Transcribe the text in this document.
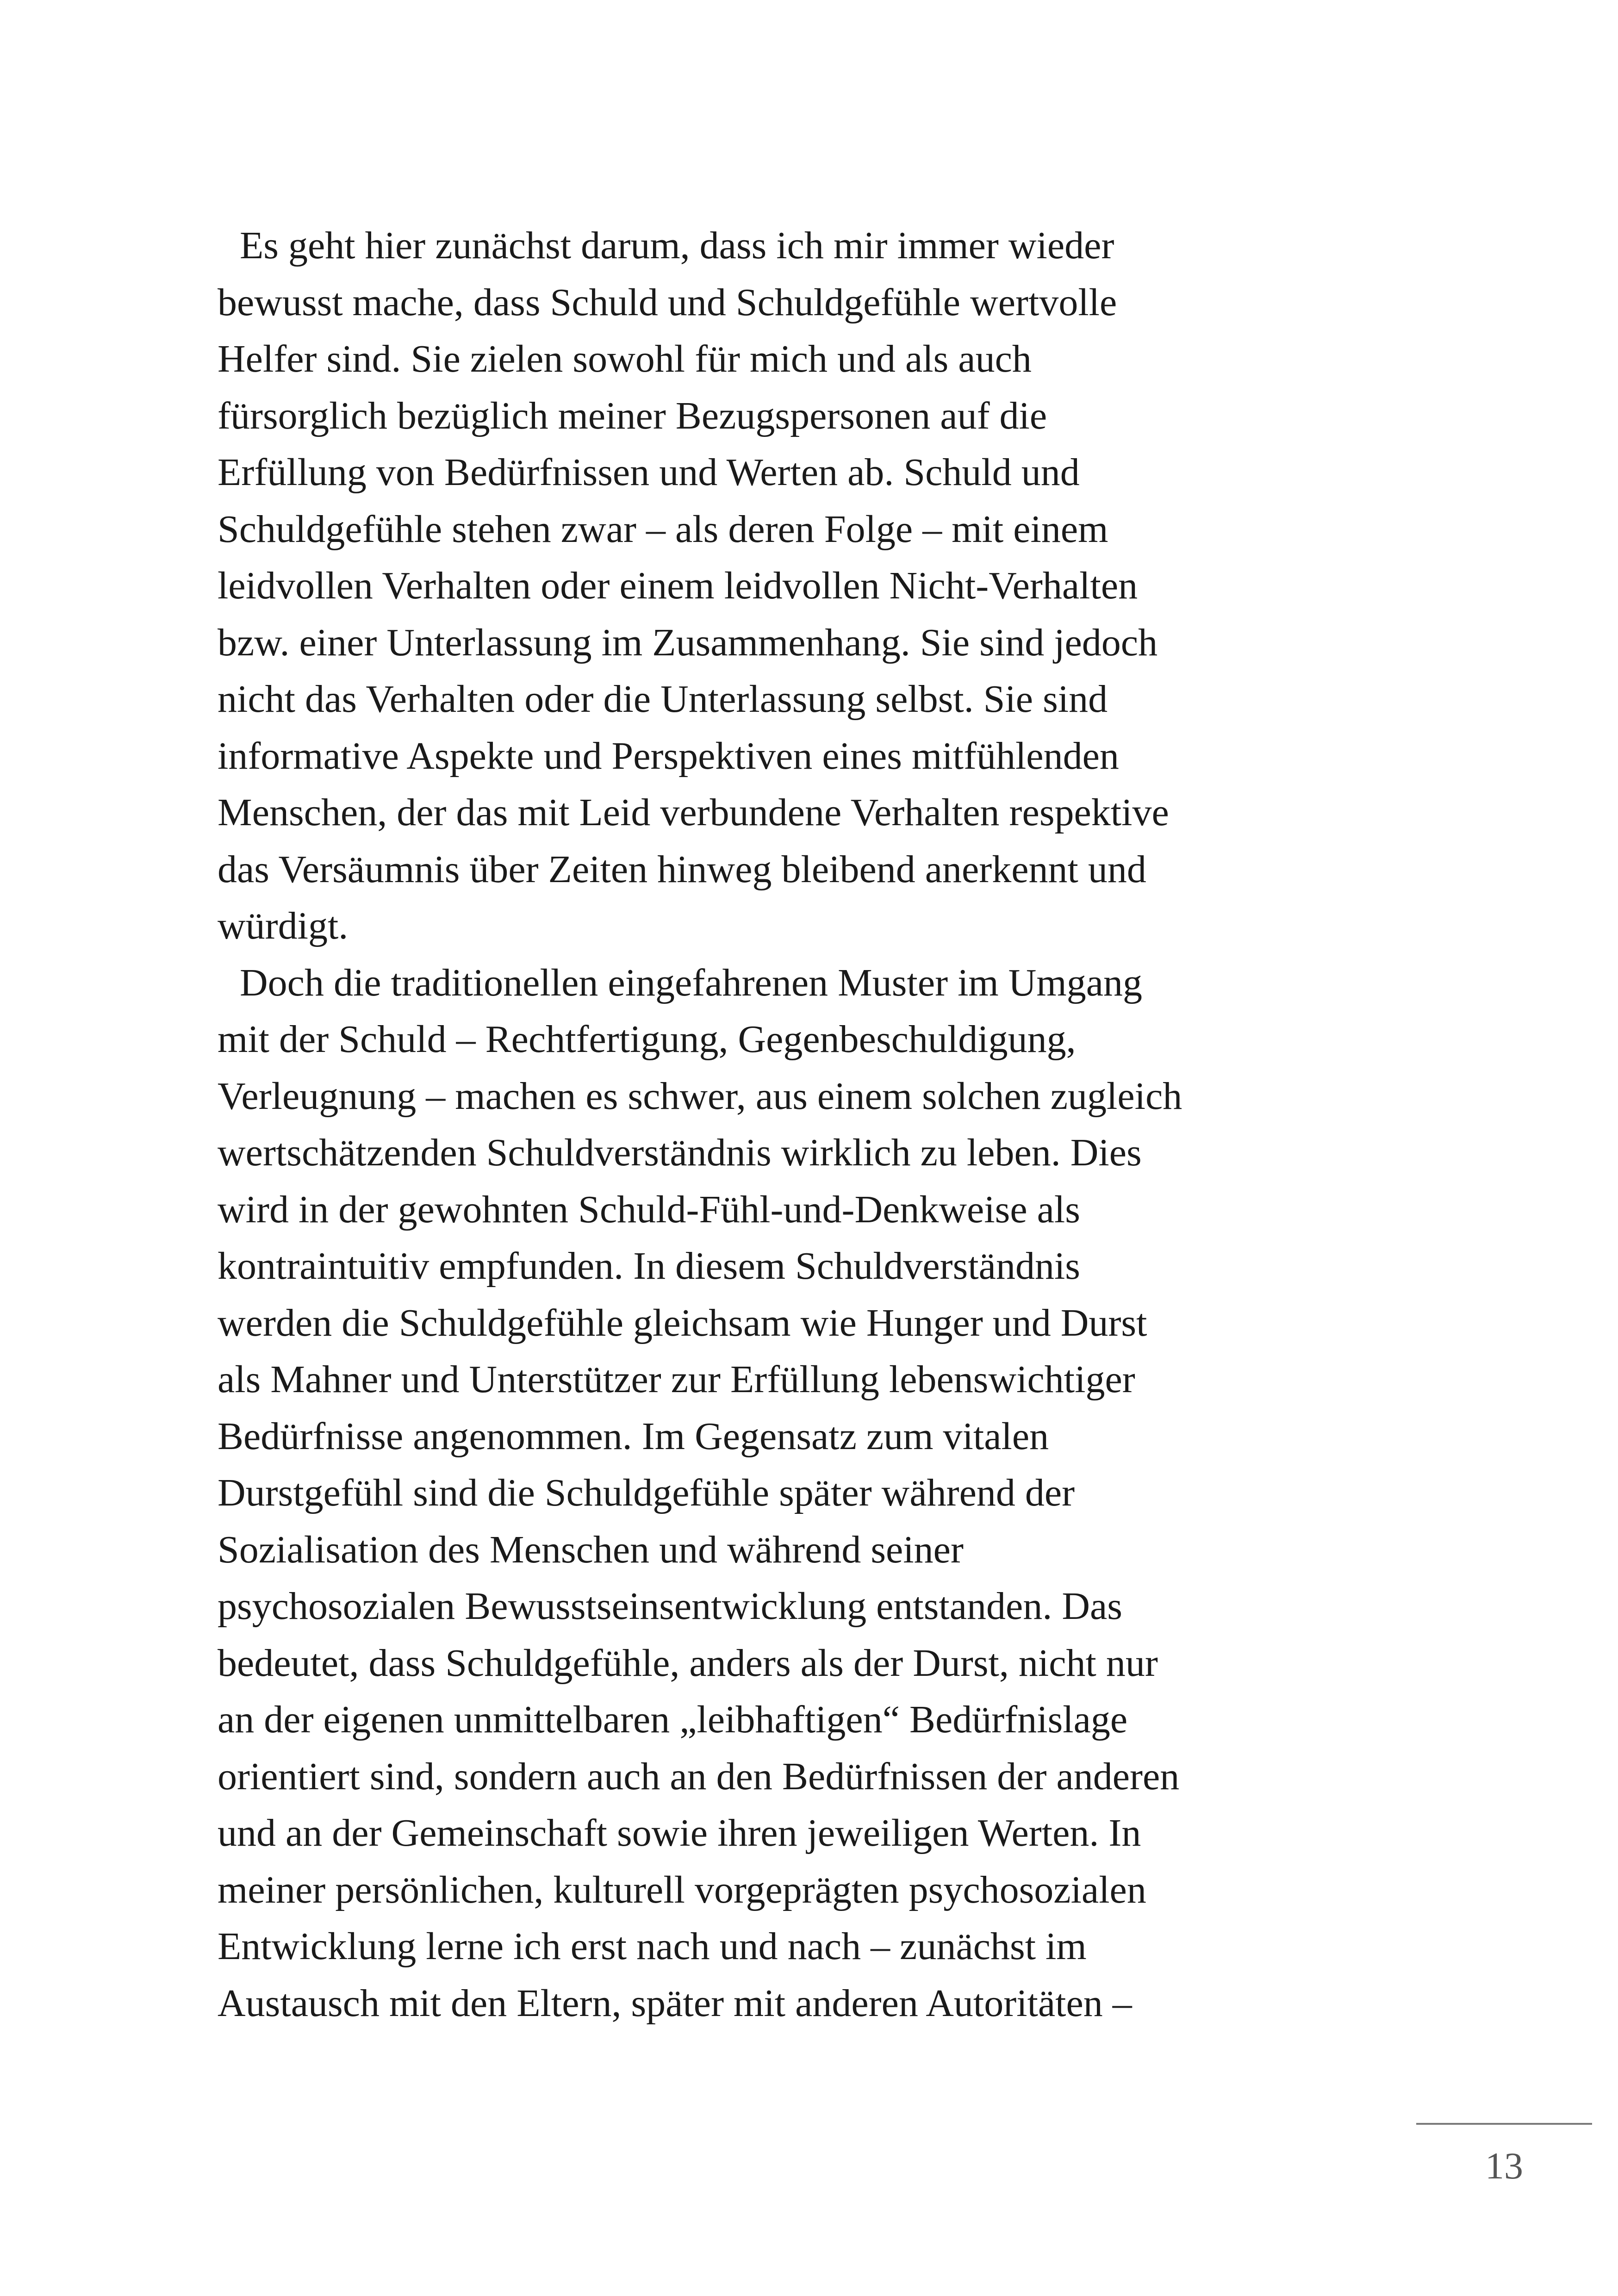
Es geht hier zunächst darum, dass ich mir immer wieder
bewusst mache, dass Schuld und Schuldgefühle wertvolle
Helfer sind. Sie zielen sowohl für mich und als auch
fürsorglich bezüglich meiner Bezugspersonen auf die
Erfüllung von Bedürfnissen und Werten ab. Schuld und
Schuldgefühle stehen zwar – als deren Folge – mit einem
leidvollen Verhalten oder einem leidvollen Nicht-Verhalten
bzw. einer Unterlassung im Zusammenhang. Sie sind jedoch
nicht das Verhalten oder die Unterlassung selbst. Sie sind
informative Aspekte und Perspektiven eines mitfühlenden
Menschen, der das mit Leid verbundene Verhalten respektive
das Versäumnis über Zeiten hinweg bleibend anerkennt und
würdigt.
Doch die traditionellen eingefahrenen Muster im Umgang
mit der Schuld – Rechtfertigung, Gegenbeschuldigung,
Verleugnung – machen es schwer, aus einem solchen zugleich
wertschätzenden Schuldverständnis wirklich zu leben. Dies
wird in der gewohnten Schuld-Fühl-und-Denkweise als
kontraintuitiv empfunden. In diesem Schuldverständnis
werden die Schuldgefühle gleichsam wie Hunger und Durst
als Mahner und Unterstützer zur Erfüllung lebenswichtiger
Bedürfnisse angenommen. Im Gegensatz zum vitalen
Durstgefühl sind die Schuldgefühle später während der
Sozialisation des Menschen und während seiner
psychosozialen Bewusstseinsentwicklung entstanden. Das
bedeutet, dass Schuldgefühle, anders als der Durst, nicht nur
an der eigenen unmittelbaren „leibhaftigen“ Bedürfnislage
orientiert sind, sondern auch an den Bedürfnissen der anderen
und an der Gemeinschaft sowie ihren jeweiligen Werten. In
meiner persönlichen, kulturell vorgeprägten psychosozialen
Entwicklung lerne ich erst nach und nach – zunächst im
Austausch mit den Eltern, später mit anderen Autoritäten –
13
